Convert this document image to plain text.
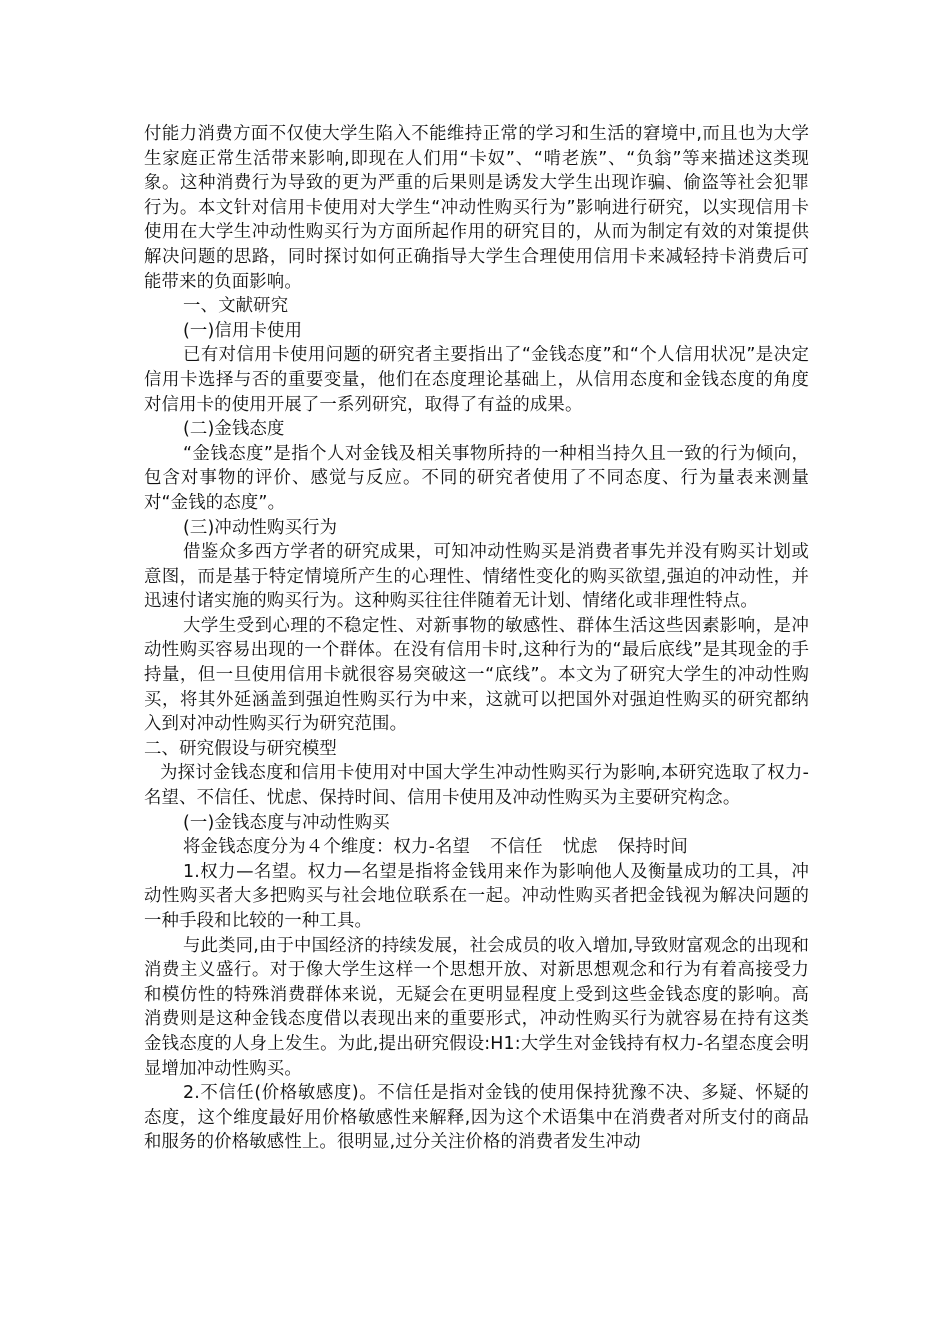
付能力消费方面不仅使大学生陷入不能维持正常的学习和生活的窘境中,而且也为大学生家庭正常生活带来影响,即现在人们用“卡奴”、“啃老族”、“负翁”等来描述这类现象。这种消费行为导致的更为严重的后果则是诱发大学生出现诈骗、偷盗等社会犯罪行为。本文针对信用卡使用对大学生“冲动性购买行为”影响进行研究，以实现信用卡使用在大学生冲动性购买行为方面所起作用的研究目的，从而为制定有效的对策提供解决问题的思路，同时探讨如何正确指导大学生合理使用信用卡来减轻持卡消费后可能带来的负面影响。

一、文献研究

(一)信用卡使用

已有对信用卡使用问题的研究者主要指出了“金钱态度”和“个人信用状况”是决定信用卡选择与否的重要变量，他们在态度理论基础上，从信用态度和金钱态度的角度对信用卡的使用开展了一系列研究，取得了有益的成果。

(二)金钱态度

“金钱态度”是指个人对金钱及相关事物所持的一种相当持久且一致的行为倾向，包含对事物的评价、感觉与反应。不同的研究者使用了不同态度、行为量表来测量对“金钱的态度”。

(三)冲动性购买行为

借鉴众多西方学者的研究成果，可知冲动性购买是消费者事先并没有购买计划或意图，而是基于特定情境所产生的心理性、情绪性变化的购买欲望,强迫的冲动性，并迅速付诸实施的购买行为。这种购买往往伴随着无计划、情绪化或非理性特点。

大学生受到心理的不稳定性、对新事物的敏感性、群体生活这些因素影响，是冲动性购买容易出现的一个群体。在没有信用卡时,这种行为的“最后底线”是其现金的手持量，但一旦使用信用卡就很容易突破这一“底线”。本文为了研究大学生的冲动性购买，将其外延涵盖到强迫性购买行为中来，这就可以把国外对强迫性购买的研究都纳入到对冲动性购买行为研究范围。

二、研究假设与研究模型

为探讨金钱态度和信用卡使用对中国大学生冲动性购买行为影响,本研究选取了权力-名望、不信任、忧虑、保持时间、信用卡使用及冲动性购买为主要研究构念。

(一)金钱态度与冲动性购买

将金钱态度分为４个维度：权力-名望 不信任 忧虑 保持时间

1.权力—名望。权力—名望是指将金钱用来作为影响他人及衡量成功的工具，冲动性购买者大多把购买与社会地位联系在一起。冲动性购买者把金钱视为解决问题的一种手段和比较的一种工具。

与此类同,由于中国经济的持续发展，社会成员的收入增加,导致财富观念的出现和消费主义盛行。对于像大学生这样一个思想开放、对新思想观念和行为有着高接受力和模仿性的特殊消费群体来说，无疑会在更明显程度上受到这些金钱态度的影响。高消费则是这种金钱态度借以表现出来的重要形式，冲动性购买行为就容易在持有这类金钱态度的人身上发生。为此,提出研究假设:H1:大学生对金钱持有权力-名望态度会明显增加冲动性购买。

2.不信任(价格敏感度)。不信任是指对金钱的使用保持犹豫不决、多疑、怀疑的态度，这个维度最好用价格敏感性来解释,因为这个术语集中在消费者对所支付的商品和服务的价格敏感性上。很明显,过分关注价格的消费者发生冲动
